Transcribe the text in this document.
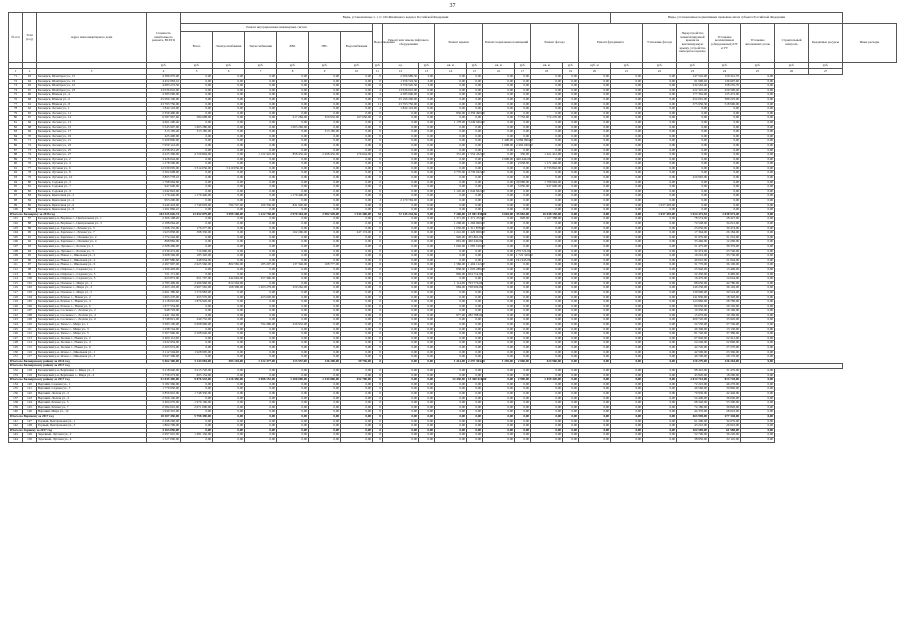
37
№ п/п	Этап (год)	Адрес многоквартирного дома	Стоимость капитального ремонта, ВСЕГО	Виды, установленные ч. 1 ст. 166 Жилищного кодекса Российской Федерации																Виды, установленные нормативным правовым актом субъекта Российской Федерации							
				Ремонт внутридомовых инженерных систем						Водоотведения	Ремонт или замена лифтового оборудования		Ремонт крыши		Ремонт подвальных помещений		Ремонт фасада		Ремонт фундамента		Утепление фасада	Переустройство невентилируемой крыши на вентилируемую крышу, устройство выходов на кровлю	Установка коллективных (общедомовых) ПУ и УУ	Установка автономных узлов	Строительный контроль	Кредитные ресурсы	Иные расходы
				Всего	Электроснабжения	Теплоснабжения	ХВС	ГВС	Водоснабжения																		
			руб.	руб.	руб.	руб.	руб.	руб.	руб.	руб.	ед.	руб.	кв. м	руб.	кв. м	руб.	кв. м	руб.	куб. м	руб.	руб.	руб.	руб.	руб.	руб.	руб.	
1	2	3	4	5	6	7	8	9	10	11	12	13	14	15	16	17	18	19	20	21	22	23	24	25	26	27	
71	63	Белоярск, Шахтёров ул., 15	4 386 970,00	0,00	0,00	0,00	0,00	0,00	0,00	0	2 506 989,30	3,00	0,00	0,00	0,00	0,00	0,00	0,00	0,00	0,00	0,00	147 542,00	159 341,70	0,00			
72	64	Белоярск, Шахтёров ул., 19	4 452 683,16	0,00	0,00	0,00	0,00	0,00	0,00	0	1 356 724,36	3,00	0,00	0,00	0,00	0,00	0,00	0,00	0,00	0,00	0,00	91 690,02	136 697,60	0,00			
73	65	Белоярск, Шахтёров ул., 21	4 083 272,30	0,00	0,00	0,00	0,00	0,00	0,00	0	3 756 545,30	3,00	0,00	0,00	0,00	0,00	0,00	0,00	0,00	0,00	0,00	234 562,40	158 255,70	0,00			
74	67	Белоярск, Шахтёров ул., 23	13 036 022,00	0,00	0,00	0,00	0,00	0,00	0,00	2	13 036 022,00	0,00	0,00	0,00	0,00	0,00	0,00	0,00	0,00	0,00	0,00	222 310,20	250 590,40	0,00			
75	60	Белоярск, Южная ул., 4	4 385 096,00	0,00	0,00	0,00	0,00	0,00	0,00	2	4 385 096,00	0,00	0,00	0,00	0,00	0,00	0,00	0,00	0,00	0,00	0,00	177 362,00	125 472,00	0,00			
76	68	Белоярск, Южная ул., 6	25 000 100,00	0,00	0,00	0,00	0,00	0,00	0,00	15	25 196 290,00	0,00	0,00	0,00	0,00	0,00	0,00	0,00	0,00	0,00	0,00	454 091,00	589 225,00	0,00			
77	61	Белоярск, Южная ул., 8	23 793 750,00	0,00	0,00	0,00	0,00	0,00	0,00	11	23 793 750,00	0,00	0,00	0,00	0,00	0,00	0,00	0,00	0,00	0,00	0,00	375 950,30	518 990,00	0,00			
78	62	Белоярск, Лесная ул., 1	1 844 143,00	0,00	0,00	0,00	0,00	0,00	0,00	2	1 844 143,00	0,00	0,00	0,00	0,00	0,00	0,00	0,00	0,00	0,00	0,00	0,00	0,00	0,00			
79	65	Белоярск, Лесная ул., 11	2 359 490,00	0,00	0,00	0,00	0,00	0,00	0,00	0	0,00	0,00	836,00	2 359 490,00	0,00	0,00	0,00	0,00	0,00	0,00	0,00	0,00	0,00	0,00			
80	67	Белоярск, Лесная ул., 12	6 587 967,60	584 698,00	0,00	0,00	217 284,00	350 932,00	167 656,00	0	0,00	0,00	0,00	0,00	0,00	7 752,00	772 270,00	0,00	0,00	0,00	0,00	0,00	0,00	0,00			
81	66	Белоярск, Лесная ул., 13	4 661 200,40	0,00	0,00	0,00	0,00	0,00	0,00	0	0,00	0,00	1 178,00	3 249 946,00	0,00	0,00	0,00	0,00	0,00	0,00	0,00	0,00	0,00	0,00			
82	68	Белоярск, Лесная ул., 15	5 545 907,00	1 603 280,00	0,00	0,00	1 003 282,00	0,00	0,00	0	0,00	0,00	0,00	0,00	0,00	0,00	0,00	0,00	0,00	0,00	0,00	0,00	0,00	0,00			
83	69	Белоярск, Лесная ул., 17	313 185,40	313 185,00	0,00	0,00	0,00	313 185,00	0,00	0	0,00	0,00	0,00	0,00	0,00	0,00	0,00	0,00	0,00	0,00	0,00	0,00	0,00	0,00			
84	70	Белоярск, Лесная ул., 19	425 490,00	0,00	0,00	0,00	0,00	0,00	0,00	0	0,00	0,00	0,00	0,00	0,00	0,00	0,00	0,00	0,00	0,00	0,00	0,00	0,00	0,00			
85	71	Белоярск, Лесная ул., 21	5 209 800,00	0,00	0,00	0,00	0,00	0,00	0,00	0	0,00	0,00	0,00	0,00	1 408,00	3 086 996,00	0,00	0,00	0,00	0,00	0,00	0,00	0,00	0,00			
86	72	Белоярск, Лесная ул., 23	7 059 141,20	0,00	0,00	0,00	0,00	0,00	0,00	0	0,00	0,00	0,00	0,00	1 098,00	2 492 040,00	0,00	0,00	0,00	0,00	0,00	0,00	0,00	0,00			
87	73	Белоярск, Лесная ул., 25	2 038 451,20	0,00	0,00	0,00	0,00	0,00	0,00	0	0,00	0,00	0,00	0,00	0,00	0,00	0,00	0,00	0,00	0,00	0,00	0,00	0,00	0,00			
88	74	Белоярск, Лесная ул., 27	4 225 396,00	4 720 894,00	0,00	1 122 422,00	858 432,40	2 268 432,00	176 644,00	0	0,00	0,00	331,00	1 554 432,00	0,00	336,00	1 421 412,00	0,00	0,00	0,00	0,00	0,00	0,00	0,00			
89	75	Белоярск, Луговая ул., 2	3 428 044,00	0,00	0,00	0,00	0,00	0,00	0,00	0	0,00	0,00	0,00	0,00	2 098,00	426 446,00	0,00	0,00	0,00	0,00	0,00	0,00	0,00	0,00			
90	76	Белоярск, Луговая ул., 4	1 178 500,00	0,00	0,00	0,00	0,00	0,00	0,00	0	0,00	0,00	0,00	0,00	0,00	2 658,00	1 171 466,00	0,00	0,00	0,00	0,00	0,00	0,00	0,00			
91	77	Белоярск, Луговая ул., 6	12 039 005,00	3 314 056,00	3 210 056,00	0,00	0,00	0,00	0,00	0	0,00	0,00	0,00	0,00	0,00	0,00	6 733 842,00	0,00	0,00	0,00	0,00	0,00	0,00	0,00			
92	78	Белоярск, Луговая ул., 8	3 302 608,00	0,00	0,00	0,00	0,00	0,00	0,00	0	0,00	0,00	2 770,00	4 730 022,00	0,00	0,00	0,00	0,00	0,00	0,00	0,00	0,00	0,00	0,00			
93	79	Белоярск, Луговая ул., 10	3 805 778,10	0,00	0,00	0,00	0,00	0,00	0,00	0	0,00	0,00	0,00	0,00	0,00	0,00	0,00	0,00	0,00	0,00	0,00	220 965,00	0,00	0,00			
94	80	Белоярск, Садовая ул., 5	1 798 994,60	0,00	0,00	0,00	0,00	0,00	0,00	0	0,00	0,00	0,00	0,00	0,00	20 080,00	1 798 994,00	0,00	0,00	0,00	0,00	0,00	0,00	0,00			
95	81	Белоярск, Садовая ул., 7	947 600,00	0,00	0,00	0,00	0,00	0,00	0,00	0	0,00	0,00	0,00	0,00	0,00	3 050,00	947 600,00	0,00	0,00	0,00	0,00	0,00	0,00	0,00			
96	82	Белоярск, Садовая ул., 9	1 042 822,00	0,00	0,00	0,00	0,00	0,00	0,00	0	0,00	0,00	1 145,00	1 042 822,00	0,00	0,00	0,00	0,00	0,00	0,00	0,00	0,00	0,00	0,00			
97	83	Белоярск, Цветочная ул., 2	1 179 446,00	1 179 446,00	0,00	0,00	1 179 446,00	0,00	0,00	0	0,00	0,00	0,00	0,00	0,00	0,00	0,00	0,00	0,00	0,00	0,00	0,00	0,00	0,00			
98	84	Белоярск, Цветочная ул., 4	953 200,00	0,00	0,00	0,00	0,00	0,00	0,00	2	2 170 794,00	0,00	0,00	0,00	0,00	0,00	0,00	0,00	0,00	0,00	0,00	0,00	0,00	0,00			
99	85	Белоярск, Цветочная ул., 6	3 446 443,00	1 749 003,00	794 747,00	100 336,00	841 920,00	0,00	0,00	0	0,00	0,00	0,00	0,00	0,00	0,00	0,00	0,00	0,00	0,00	1 037 493,00	0,00	0,00	0,00			
100	86	Белоярск, Цветочная ул., 8	1 261 866,10	0,00	0,00	0,00	0,00	0,00	0,00	0	0,00	0,00	0,00	0,00	0,00	0,00	0,00	0,00	0,00	0,00	0,00	0,00	0,00	0,00			
Итого по Белоярску за 2016 год			163 525 026,74	12 652 879,00	3 999 168,00	1 222 758,00	2 970 364,40	2 982 549,00	1 544 300,00	34	72 145 234,36	9,00	7 260,00	15 001 830,00	4 604,00	35 082,00	16 048 150,00	0,00	0,00	0,00	1 037 493,00	1 924 472,92	2 038 572,40	0,00			
101	87	Белоярский р-н, Верхнее с., Центральная ул., 1	2 306 198,20	0,00	0,00	0,00	0,00	0,00	0,00	0	0,00	0,00	1 371,00	1 371 472,00	0,00	828,00	1 167 388,00	0,00	0,00	0,00	0,00	78 574,00	28 427,00	0,00			
102	88	Белоярский р-н, Верхнее с., Центральная ул., 3	2 188 064,20	0,00	0,00	0,00	0,00	0,00	0,00	0	0,00	0,00	1 268,00	1 266 960,00	0,00	0,00	0,00	0,00	0,00	0,00	0,00	74 548,00	34 012,00	0,00			
103	89	Белоярский р-н, Заречное с., Речная ул., 5	1 508 155,00	176 277,00	0,00	0,00	0,00	0,00	0,00	0	0,00	0,00	1 050,00	1 311 878,00	0,00	0,00	0,00	0,00	0,00	0,00	0,00	23 656,00	30 474,00	0,00			
104	90	Белоярский р-н, Заречное с., Речная ул., 7	1 923 858,00	398 330,00	0,00	0,00	162 296,00	0,00	247 174,00	0	0,00	0,00	1 241,00	1 420 000,00	0,00	0,00	0,00	0,00	0,00	0,00	0,00	17 364,00	26 184,00	0,00			
105	91	Белоярский р-н, Заречное с., Полевая ул., 2	1 774 242,00	0,00	0,00	0,00	0,00	0,00	0,00	0	0,00	0,00	926,00	455 861,00	0,00	0,00	0,00	0,00	0,00	0,00	0,00	31 970,00	31 216,00	0,00			
106	92	Белоярский р-н, Заречное с., Полевая ул., 4	898 882,00	0,00	0,00	0,00	0,00	0,00	0,00	0	0,00	0,00	891,00	456 240,00	0,00	0,00	0,00	0,00	0,00	0,00	0,00	33 466,00	12 290,00	0,00			
107	93	Белоярский р-н, Луговое с., Лесная ул., 1	2 308 496,00	0,00	0,00	0,00	0,00	0,00	0,00	0	0,00	0,00	1 092,00	1 085 190,00	0,00	0,00	0,00	0,00	0,00	0,00	0,00	51 475,00	39 376,00	0,00			
108	94	Белоярский р-н, Луговое с., Лесная ул., 3	2 539 474,00	714 996,00	0,00	0,00	0,00	0,00	0,00	0	0,00	0,00	0,00	0,00	0,00	279 722,00	0,00	0,00	0,00	0,00	0,00	32 474,00	23 740,00	0,00			
109	95	Белоярский р-н, Новое с., Школьная ул., 2	3 008 569,00	185 320,00	0,00	0,00	0,00	0,00	0,00	0	0,00	0,00	0,00	0,00	0,00	1 722 329,00	0,00	0,00	0,00	0,00	0,00	19 210,00	33 730,00	0,00			
110	96	Белоярский р-н, Новое с., Школьная ул., 4	2 487 980,60	248 934,00	0,00	0,00	0,00	0,00	0,00	0	0,00	0,00	0,00	0,00	0,00	191 945,00	0,00	0,00	0,00	0,00	0,00	40 610,00	21 944,00	0,00			
111	97	Белоярский р-н, Новое с., Школьная ул., 6	2 497 997,00	2 625 560,00	802 582,00	185 297,00	137 346,00	168 777,00	0,00	0	0,00	0,00	1 586,00	1 494 122,00	0,00	0,00	0,00	0,00	0,00	0,00	0,00	31 770,00	36 100,00	0,00			
112	98	Белоярский р-н, Озёрное с., Садовая ул., 1	1 296 403,00	0,00	0,00	0,00	0,00	0,00	0,00	0	0,00	0,00	838,00	1 003 288,00	0,00	0,00	0,00	0,00	0,00	0,00	0,00	25 940,00	13 496,00	0,00			
113	99	Белоярский р-н, Озёрное с., Садовая ул., 3	721 171,00	0,00	0,00	0,00	0,00	0,00	0,00	0	0,00	0,00	866,00	654 714,00	0,00	0,00	0,00	0,00	0,00	0,00	0,00	22 450,00	9 485,00	0,00			
114	100	Белоярский р-н, Озёрное с., Садовая ул., 5	923 872,00	651 707,00	242 094,00	257 496,00	0,00	0,00	0,00	0	0,00	0,00	0,00	0,00	0,00	0,00	0,00	0,00	0,00	0,00	0,00	16 470,00	14 044,00	0,00			
115	101	Белоярский р-н, Полевое с., Мира ул., 1	2 785 499,00	2 496 960,00	814 594,00	0,00	0,00	0,00	0,00	0	0,00	0,00	1 114,00	793 776,00	0,00	0,00	0,00	0,00	0,00	0,00	0,00	88 650,00	44 780,00	0,00			
116	102	Белоярский р-н, Полевое с., Мира ул., 3	2 203 163,00	2 967 565,00	168 308,00	1 203 279,00	250 262,00	0,00	0,00	0	0,00	0,00	984,00	728 000,00	0,00	0,00	0,00	0,00	0,00	0,00	0,00	140 230,00	36 192,00	0,00			
117	103	Белоярский р-н, Полевое с., Мира ул., 5	2 661 380,60	1 570 983,00	0,00	0,00	0,00	0,00	0,00	0	0,00	0,00	0,00	0,00	0,00	0,00	0,00	0,00	0,00	0,00	0,00	130 900,00	30 524,00	0,00			
118	104	Белоярский р-н, Речное с., Новая ул., 2	1 663 270,00	453 570,00	0,00	423 620,00	0,00	0,00	0,00	0	0,00	0,00	0,00	0,00	0,00	0,00	0,00	0,00	0,00	0,00	0,00	141 830,00	18 320,00	0,00			
119	105	Белоярский р-н, Речное с., Новая ул., 4	4 118 022,00	1 876 920,00	0,00	0,00	0,00	0,00	0,00	0	0,00	0,00	0,00	0,00	0,00	0,00	0,00	0,00	0,00	0,00	0,00	123 860,00	28 780,00	0,00			
120	106	Белоярский р-н, Речное с., Новая ул., 6	1 677 554,00	0,00	0,00	0,00	0,00	0,00	0,00	0	0,00	0,00	0,00	0,00	0,00	0,00	0,00	0,00	0,00	0,00	0,00	80 050,00	29 102,00	0,00			
121	107	Белоярский р-н, Сосновое с., Лесная ул., 2	948 703,00	0,00	0,00	0,00	0,00	0,00	0,00	0	0,00	0,00	0,00	0,00	0,00	0,00	0,00	0,00	0,00	0,00	0,00	10 450,00	19 160,00	0,00			
122	108	Белоярский р-н, Сосновое с., Лесная ул., 4	1 441 162,00	0,00	0,00	0,00	0,00	0,00	0,00	0	0,00	0,00	877,00	282 788,00	0,00	0,00	0,00	0,00	0,00	0,00	0,00	15 670,00	10 160,00	0,00			
123	109	Белоярский р-н, Сосновое с., Лесная ул., 6	3 748 821,00	249 752,00	0,00	0,00	0,00	0,00	0,00	0	0,00	0,00	0,00	0,00	0,00	0,00	0,00	0,00	0,00	0,00	0,00	209 720,00	35 920,00	0,00			
124	110	Белоярский р-н, Тихое с., Мира ул., 1	3 283 100,00	2 008 996,00	0,00	794 480,00	226 952,00	0,00	0,00	0	0,00	0,00	0,00	0,00	0,00	0,00	0,00	0,00	0,00	0,00	0,00	22 530,00	27 740,00	0,00			
125	111	Белоярский р-н, Тихое с., Мира ул., 3	1 238 744,00	0,00	0,00	0,00	0,00	0,00	0,00	0	0,00	0,00	0,00	0,00	0,00	0,00	0,00	0,00	0,00	0,00	0,00	46 300,00	13 130,00	0,00			
126	112	Белоярский р-н, Тихое с., Мира ул., 5	5 307 996,00	2 508 040,00	0,00	0,00	0,00	0,00	0,00	0	0,00	0,00	0,00	0,00	0,00	0,00	0,00	0,00	0,00	0,00	0,00	81 740,00	37 380,00	0,00			
127	113	Белоярский р-н, Холмы с., Новая ул., 2	2 400 112,00	0,00	0,00	0,00	0,00	0,00	0,00	0	0,00	0,00	0,00	0,00	0,00	0,00	0,00	0,00	0,00	0,00	0,00	67 940,00	22 412,00	0,00			
128	114	Белоярский р-н, Холмы с., Новая ул., 4	1 632 954,00	0,00	0,00	0,00	0,00	0,00	0,00	0	0,00	0,00	0,00	0,00	0,00	0,00	0,00	0,00	0,00	0,00	0,00	24 240,00	22 800,00	0,00			
129	115	Белоярский р-н, Холмы с., Новая ул., 6	2 205 974,00	0,00	0,00	0,00	0,00	0,00	0,00	0	0,00	0,00	0,00	0,00	0,00	0,00	0,00	0,00	0,00	0,00	0,00	44 720,00	27 270,00	0,00			
130	116	Белоярский р-н, Ясное с., Школьная ул., 1	3 112 504,00	1 928 995,00	0,00	0,00	0,00	0,00	0,00	0	0,00	0,00	0,00	0,00	0,00	0,00	0,00	0,00	0,00	0,00	0,00	42 500,00	23 360,00	0,00			
131	117	Белоярский р-н, Ясное с., Школьная ул., 3	3 047 306,00	0,00	0,00	0,00	0,00	0,00	0,00	0	0,00	0,00	0,00	0,00	0,00	0,00	0,00	0,00	0,00	0,00	0,00	40 700,00	29 170,00	0,00			
Итого по Белоярскому району за 2016 год			5 462 300,00	3 144 084,00	583 104,00	1 122 477,00	113 557,00	136 200,00	59 756,00	0	0,00	0,00	1 414,00	2 257 404,00	1 259,00	2 060,00	424 960,00	0,00	0,00	0,00	0,00	110 279,00	126 264,00	0,00			
Итого по Белоярскому району за 2017 год																											
132	118	Белоярский р-н, Берёзовка с., Мира ул., 2	3 218 640,00	3 215 720,00	0,00	0,00	0,00	0,00	0,00	0	0,00	0,00	0,00	0,00	0,00	0,00	0,00	0,00	0,00	0,00	0,00	98 410,00	31 470,00	0,00			
133	119	Белоярский р-н, Берёзовка с., Мира ул., 4	1 759 273,00	603 154,00	0,00	0,00	0,00	0,00	0,00	0	0,00	0,00	0,00	0,00	0,00	0,00	0,00	0,00	0,00	0,00	0,00	43 820,00	18 290,00	0,00			
Итого по Белоярскому району за 2017 год			51 045 490,00	9 876 543,00	2 210 450,00	3 988 152,00	1 200 000,00	1 344 860,00	452 700,00	0	0,00	0,00	14 430,00	13 300 610,00	0,00	2 990,00	1 459 420,00	0,00	0,00	0,00	0,00	2 014 710,00	813 720,00	0,00			
134	120	Верхний, Садовая ул., 1	3 182 360,00	0,00	0,00	0,00	0,00	0,00	0,00	0	0,00	0,00	0,00	0,00	0,00	0,00	0,00	0,00	0,00	0,00	0,00	72 210,00	46 270,00	0,00			
135	121	Верхний, Садовая ул., 3	1 779 650,00	0,00	0,00	0,00	0,00	0,00	0,00	0	0,00	0,00	0,00	0,00	0,00	0,00	0,00	0,00	0,00	0,00	0,00	49 560,00	30 860,00	0,00			
136	122	Верхний, Лесная ул., 2	2 850 910,00	1 748 330,00	0,00	0,00	0,00	0,00	0,00	0	0,00	0,00	0,00	0,00	0,00	0,00	0,00	0,00	0,00	0,00	0,00	70 930,00	42 440,00	0,00			
137	123	Верхний, Лесная ул., 4	2 566 140,00	0,00	0,00	0,00	0,00	0,00	0,00	0	0,00	0,00	0,00	0,00	0,00	0,00	0,00	0,00	0,00	0,00	0,00	54 400,00	36 040,00	0,00			
138	124	Верхний, Речная ул., 5	3 404 070,00	1 979 160,00	0,00	0,00	0,00	0,00	0,00	0	0,00	0,00	0,00	0,00	0,00	0,00	0,00	0,00	0,00	0,00	0,00	98 340,00	53 300,00	0,00			
139	125	Верхний, Речная ул., 7	2 584 010,00	2 071 000,00	0,00	0,00	0,00	0,00	0,00	0	0,00	0,00	0,00	0,00	0,00	0,00	0,00	0,00	0,00	0,00	0,00	74 180,00	39 820,00	0,00			
140	126	Верхний, Мира ул., 12	1 940 310,00	0,00	0,00	0,00	0,00	0,00	0,00	0	0,00	0,00	0,00	0,00	0,00	0,00	0,00	0,00	0,00	0,00	0,00	44 370,00	28 610,00	0,00			
Итого по Верхнему за 2017 год			18 307 450,00	5 798 490,00	0,00	0,00	0,00	0,00	0,00	0	0,00	0,00	0,00	0,00	0,00	0,00	0,00	0,00	0,00	0,00	0,00	463 990,00	277 340,00	0,00			
141	127	Горный, Центральная ул., 1	2 298 260,00	0,00	0,00	0,00	0,00	0,00	0,00	0	0,00	0,00	0,00	0,00	0,00	0,00	0,00	0,00	0,00	0,00	0,00	61 290,00	34 670,00	0,00			
142	128	Горный, Центральная ул., 3	1 864 790,00	0,00	0,00	0,00	0,00	0,00	0,00	0	0,00	0,00	0,00	0,00	0,00	0,00	0,00	0,00	0,00	0,00	0,00	43 210,00	26 910,00	0,00			
Итого по Горному за 2017 год			4 163 050,00	0,00	0,00	0,00	0,00	0,00	0,00	0	0,00	0,00	0,00	0,00	0,00	0,00	0,00	0,00	0,00	0,00	0,00	104 500,00	61 580,00	0,00			
143	129	Заречный, Луговая ул., 2	2 097 910,00	1 481 150,00	0,00	0,00	0,00	0,00	0,00	0	0,00	0,00	0,00	0,00	0,00	0,00	0,00	0,00	0,00	0,00	0,00	52 700,00	36 220,00	0,00			
144	130	Заречный, Луговая ул., 4	1 527 090,00	0,00	0,00	0,00	0,00	0,00	0,00	0	0,00	0,00	0,00	0,00	0,00	0,00	0,00	0,00	0,00	0,00	0,00	38 850,00	22 110,00	0,00			
